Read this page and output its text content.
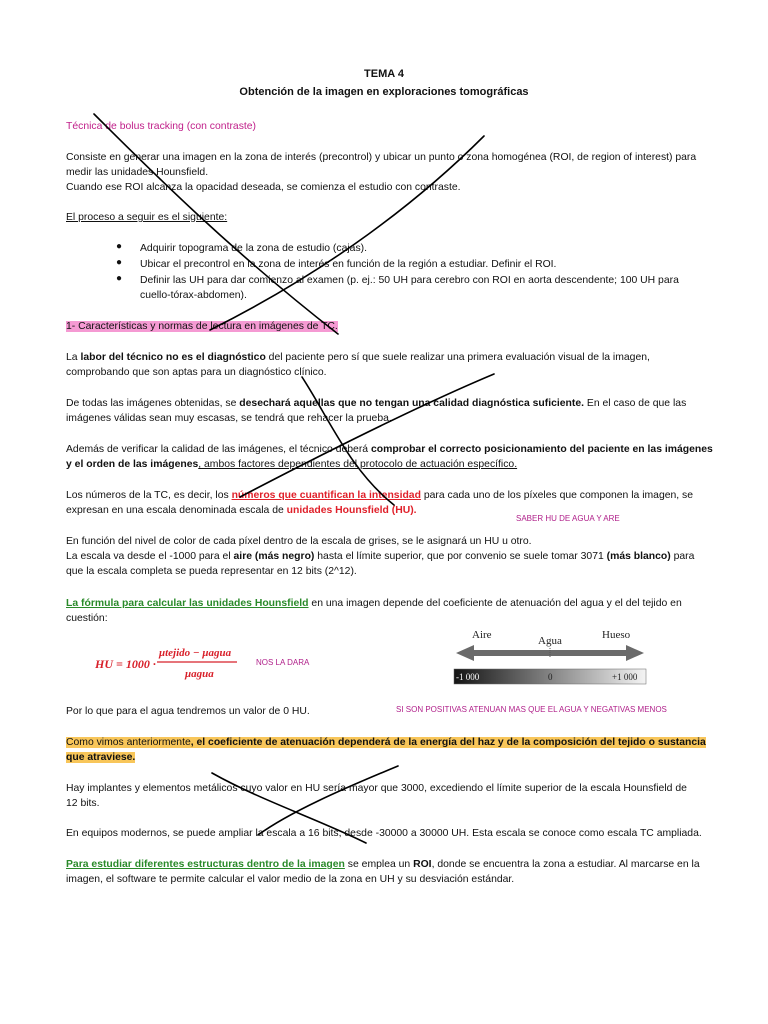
TEMA 4
Obtención de la imagen en exploraciones tomográficas
Técnica de bolus tracking (con contraste)
Consiste en generar una imagen en la zona de interés (precontrol) y ubicar un punto o zona homogénea (ROI, de region of interest) para
medir las unidades Hounsfield.
Cuando ese ROI alcanza la opacidad deseada, se comienza el estudio con contraste.
El proceso a seguir es el siguiente:
● Adquirir topograma de la zona de estudio (cajas).
● Ubicar el precontrol en la zona de interés en función de la región a estudiar. Definir el ROI.
● Definir las UH para dar comienzo al examen (p. ej.: 50 UH para cerebro con ROI en aorta descendente; 100 UH para
cuello-tórax-abdomen).
1- Características y normas de lectura en imágenes de TC.
La labor del técnico no es el diagnóstico del paciente pero sí que suele realizar una primera evaluación visual de la imagen,
comprobando que son aptas para un diagnóstico clínico.
De todas las imágenes obtenidas, se desechará aquellas que no tengan una calidad diagnóstica suficiente. En el caso de que las
imágenes válidas sean muy escasas, se tendrá que rehacer la prueba.
Además de verificar la calidad de las imágenes, el técnico deberá comprobar el correcto posicionamiento del paciente en las imágenes
y el orden de las imágenes, ambos factores dependientes del protocolo de actuación específico.
Los números de la TC, es decir, los números que cuantifican la intensidad para cada uno de los píxeles que componen la imagen, se
expresan en una escala denominada escala de unidades Hounsfield (HU).
SABER HU DE AGUA Y ARE
En función del nivel de color de cada píxel dentro de la escala de grises, se le asignará un HU u otro.
La escala va desde el -1000 para el aire (más negro) hasta el límite superior, que por convenio se suele tomar 3071 (más blanco) para
que la escala completa se pueda representar en 12 bits (2^12).
La fórmula para calcular las unidades Hounsfield en una imagen depende del coeficiente de atenuación del agua y el del tejido en
cuestión:
HU = 1000 ·
μtejido − μagua
μagua
NOS LA DARA
Aire	Agua	Hueso
-1 000	0	+1 000
Por lo que para el agua tendremos un valor de 0 HU.	SI SON POSITIVAS ATENUAN MAS QUE EL AGUA Y NEGATIVAS MENOS
Como vimos anteriormente, el coeficiente de atenuación dependerá de la energía del haz y de la composición del tejido o sustancia
que atraviese.
Hay implantes y elementos metálicos cuyo valor en HU sería mayor que 3000, excediendo el límite superior de la escala Hounsfield de
12 bits.
En equipos modernos, se puede ampliar la escala a 16 bits, desde -30000 a 30000 UH. Esta escala se conoce como escala TC ampliada.
Para estudiar diferentes estructuras dentro de la imagen se emplea un ROI, donde se encuentra la zona a estudiar. Al marcarse en la
imagen, el software te permite calcular el valor medio de la zona en UH y su desviación estándar.
